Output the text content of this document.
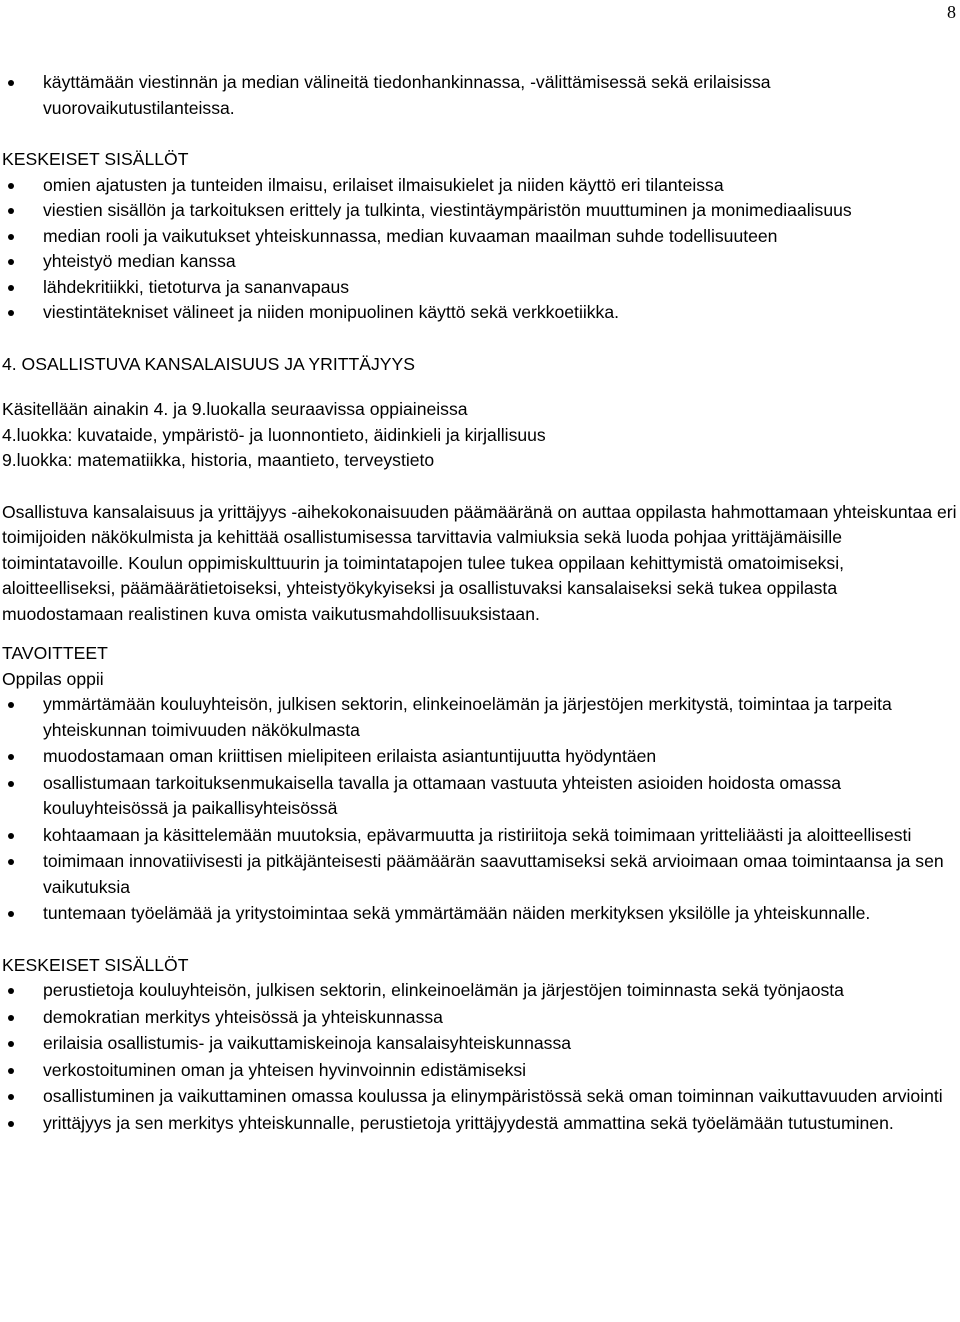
8
käyttämään viestinnän ja median välineitä tiedonhankinnassa, -välittämisessä sekä erilaisissa vuorovaikutustilanteissa.
KESKEISET SISÄLLÖT
omien ajatusten ja tunteiden ilmaisu, erilaiset ilmaisukielet ja niiden käyttö eri tilanteissa
viestien sisällön ja tarkoituksen erittely ja tulkinta, viestintäympäristön muuttuminen ja monimediaalisuus
median rooli ja vaikutukset yhteiskunnassa, median kuvaaman maailman suhde todellisuuteen
yhteistyö median kanssa
lähdekritiikki, tietoturva ja sananvapaus
viestintätekniset välineet ja niiden monipuolinen käyttö sekä verkkoetiikka.
4. OSALLISTUVA KANSALAISUUS JA YRITTÄJYYS

Käsitellään ainakin 4. ja 9.luokalla seuraavissa oppiaineissa

4.luokka: kuvataide, ympäristö- ja luonnontieto, äidinkieli ja kirjallisuus

9.luokka: matematiikka, historia, maantieto, terveystieto

Osallistuva kansalaisuus ja yrittäjyys -aihekokonaisuuden päämääränä on auttaa oppilasta hahmottamaan yhteiskuntaa eri toimijoiden näkökulmista ja kehittää osallistumisessa tarvittavia valmiuksia sekä luoda pohjaa yrittäjämäisille toimintatavoille. Koulun oppimiskulttuurin ja toimintatapojen tulee tukea oppilaan kehittymistä omatoimiseksi, aloitteelliseksi, päämäärätietoiseksi, yhteistyökykyiseksi ja osallistuvaksi kansalaiseksi sekä tukea oppilasta muodostamaan realistinen kuva omista vaikutusmahdollisuuksistaan.

TAVOITTEET

Oppilas oppii

ymmärtämään kouluyhteisön, julkisen sektorin, elinkeinoelämän ja järjestöjen merkitystä, toimintaa ja tarpeita yhteiskunnan toimivuuden näkökulmasta
muodostamaan oman kriittisen mielipiteen erilaista asiantuntijuutta hyödyntäen
osallistumaan tarkoituksenmukaisella tavalla ja ottamaan vastuuta yhteisten asioiden hoidosta omassa kouluyhteisössä ja paikallisyhteisössä
kohtaamaan ja käsittelemään muutoksia, epävarmuutta ja ristiriitoja sekä toimimaan yritteliäästi ja aloitteellisesti
toimimaan innovatiivisesti ja pitkäjänteisesti päämäärän saavuttamiseksi sekä arvioimaan omaa toimintaansa ja sen vaikutuksia
tuntemaan työelämää ja yritystoimintaa sekä ymmärtämään näiden merkityksen yksilölle ja yhteiskunnalle.
KESKEISET SISÄLLÖT
perustietoja kouluyhteisön, julkisen sektorin, elinkeinoelämän ja järjestöjen toiminnasta sekä työnjaosta
demokratian merkitys yhteisössä ja yhteiskunnassa
erilaisia osallistumis- ja vaikuttamiskeinoja kansalaisyhteiskunnassa
verkostoituminen oman ja yhteisen hyvinvoinnin edistämiseksi
osallistuminen ja vaikuttaminen omassa koulussa ja elinympäristössä sekä oman toiminnan vaikuttavuuden arviointi
yrittäjyys ja sen merkitys yhteiskunnalle, perustietoja yrittäjyydestä ammattina sekä työelämään tutustuminen.
